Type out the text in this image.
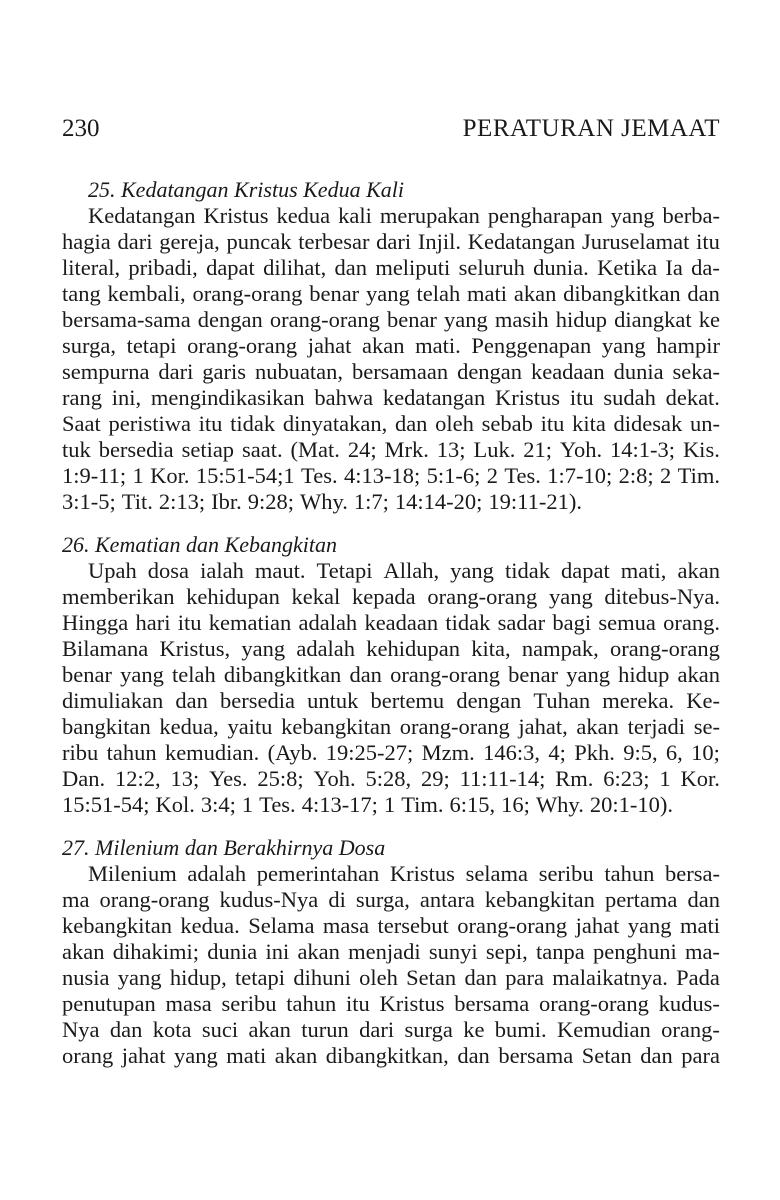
230	PERATURAN JEMAAT
25. Kedatangan Kristus Kedua Kali
Kedatangan Kristus kedua kali merupakan pengharapan yang berba-
hagia dari gereja, puncak terbesar dari Injil. Kedatangan Juruselamat itu
literal, pribadi, dapat dilihat, dan meliputi seluruh dunia. Ketika Ia da-
tang kembali, orang-orang benar yang telah mati akan dibangkitkan dan
bersama-sama dengan orang-orang benar yang masih hidup diangkat ke
surga, tetapi orang-orang jahat akan mati. Penggenapan yang hampir
sempurna dari garis nubuatan, bersamaan dengan keadaan dunia seka-
rang ini, mengindikasikan bahwa kedatangan Kristus itu sudah dekat.
Saat peristiwa itu tidak dinyatakan, dan oleh sebab itu kita didesak un-
tuk bersedia setiap saat. (Mat. 24; Mrk. 13; Luk. 21; Yoh. 14:1-3; Kis.
1:9-11; 1 Kor. 15:51-54;1 Tes. 4:13-18; 5:1-6; 2 Tes. 1:7-10; 2:8; 2 Tim.
3:1-5; Tit. 2:13; Ibr. 9:28; Why. 1:7; 14:14-20; 19:11-21).
26. Kematian dan Kebangkitan
Upah dosa ialah maut. Tetapi Allah, yang tidak dapat mati, akan
memberikan kehidupan kekal kepada orang-orang yang ditebus-Nya.
Hingga hari itu kematian adalah keadaan tidak sadar bagi semua orang.
Bilamana Kristus, yang adalah kehidupan kita, nampak, orang-orang
benar yang telah dibangkitkan dan orang-orang benar yang hidup akan
dimuliakan dan bersedia untuk bertemu dengan Tuhan mereka. Ke-
bangkitan kedua, yaitu kebangkitan orang-orang jahat, akan terjadi se-
ribu tahun kemudian. (Ayb. 19:25-27; Mzm. 146:3, 4; Pkh. 9:5, 6, 10;
Dan. 12:2, 13; Yes. 25:8; Yoh. 5:28, 29; 11:11-14; Rm. 6:23; 1 Kor.
15:51-54; Kol. 3:4; 1 Tes. 4:13-17; 1 Tim. 6:15, 16; Why. 20:1-10).
27. Milenium dan Berakhirnya Dosa
Milenium adalah pemerintahan Kristus selama seribu tahun bersa-
ma orang-orang kudus-Nya di surga, antara kebangkitan pertama dan
kebangkitan kedua. Selama masa tersebut orang-orang jahat yang mati
akan dihakimi; dunia ini akan menjadi sunyi sepi, tanpa penghuni ma-
nusia yang hidup, tetapi dihuni oleh Setan dan para malaikatnya. Pada
penutupan masa seribu tahun itu Kristus bersama orang-orang kudus-
Nya dan kota suci akan turun dari surga ke bumi. Kemudian orang-
orang jahat yang mati akan dibangkitkan, dan bersama Setan dan para
